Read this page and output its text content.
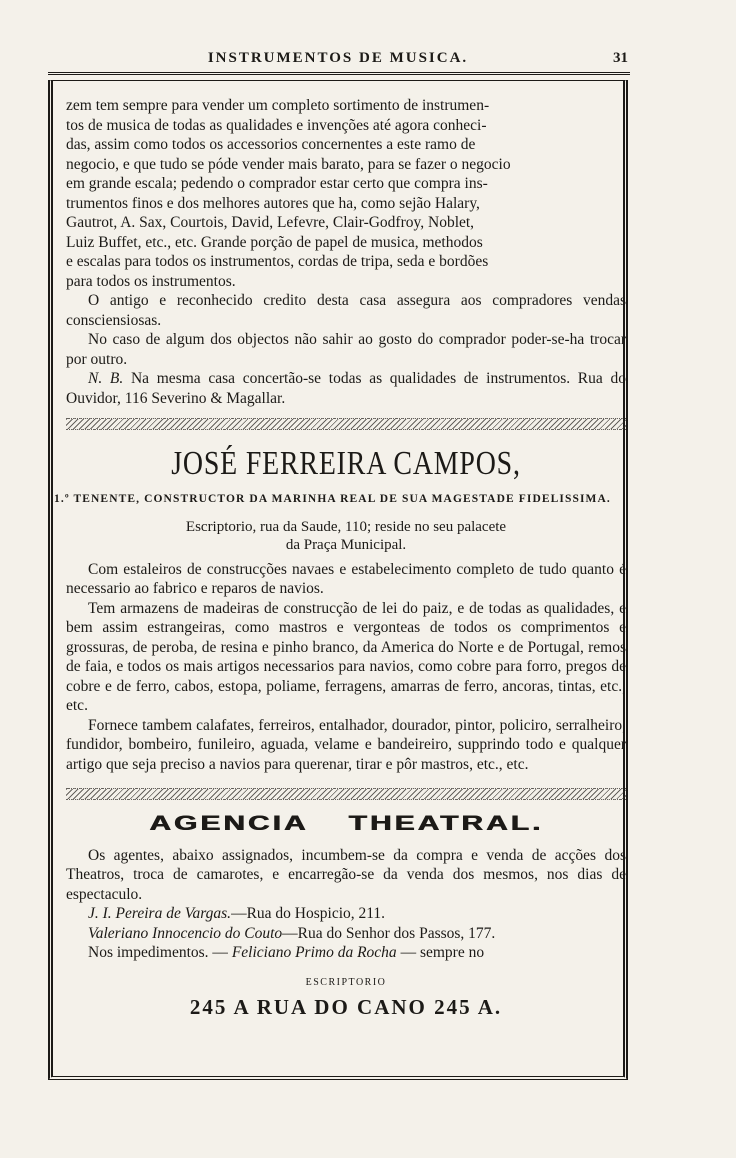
INSTRUMENTOS DE MUSICA.	31

zem tem sempre para vender um completo sortimento de instrumen-

tos de musica de todas as qualidades e invenções até agora conheci-

das, assim como todos os accessorios concernentes a este ramo de

negocio, e que tudo se póde vender mais barato, para se fazer o negocio

em grande escala; pedendo o comprador estar certo que compra ins-

trumentos finos e dos melhores autores que ha, como sejão Halary,

Gautrot, A. Sax, Courtois, David, Lefevre, Clair-Godfroy, Noblet,

Luiz Buffet, etc., etc. Grande porção de papel de musica, methodos

e escalas para todos os instrumentos, cordas de tripa, seda e bordões

para todos os instrumentos.

O antigo e reconhecido credito desta casa assegura aos compradores vendas consciensiosas.

No caso de algum dos objectos não sahir ao gosto do comprador poder-se-ha trocar por outro.

N. B. Na mesma casa concertão-se todas as qualidades de instrumentos. Rua do Ouvidor, 116 Severino & Magallar.

JOSÉ FERREIRA CAMPOS,
1.º TENENTE, CONSTRUCTOR DA MARINHA REAL DE SUA MAGESTADE FIDELISSIMA.
Escriptorio, rua da Saude, 110; reside no seu palacete
da Praça Municipal.

Com estaleiros de construcções navaes e estabelecimento completo de tudo quanto é necessario ao fabrico e reparos de navios.

Tem armazens de madeiras de construcção de lei do paiz, e de todas as qualidades, e bem assim estrangeiras, como mastros e vergonteas de todos os comprimentos e grossuras, de peroba, de resina e pinho branco, da America do Norte e de Portugal, remos de faia, e todos os mais artigos necessarios para navios, como cobre para forro, pregos de cobre e de ferro, cabos, estopa, poliame, ferragens, amarras de ferro, ancoras, tintas, etc., etc.

Fornece tambem calafates, ferreiros, entalhador, dourador, pintor, policiro, serralheiro, fundidor, bombeiro, funileiro, aguada, velame e bandeireiro, supprindo todo e qualquer artigo que seja preciso a navios para querenar, tirar e pôr mastros, etc., etc.

AGENCIA THEATRAL.

Os agentes, abaixo assignados, incumbem-se da compra e venda de acções dos Theatros, troca de camarotes, e encarregão-se da venda dos mesmos, nos dias de espectaculo.

J. I. Pereira de Vargas.—Rua do Hospicio, 211.

Valeriano Innocencio do Couto—Rua do Senhor dos Passos, 177.

Nos impedimentos. — Feliciano Primo da Rocha — sempre no

ESCRIPTORIO
245 A RUA DO CANO 245 A.
